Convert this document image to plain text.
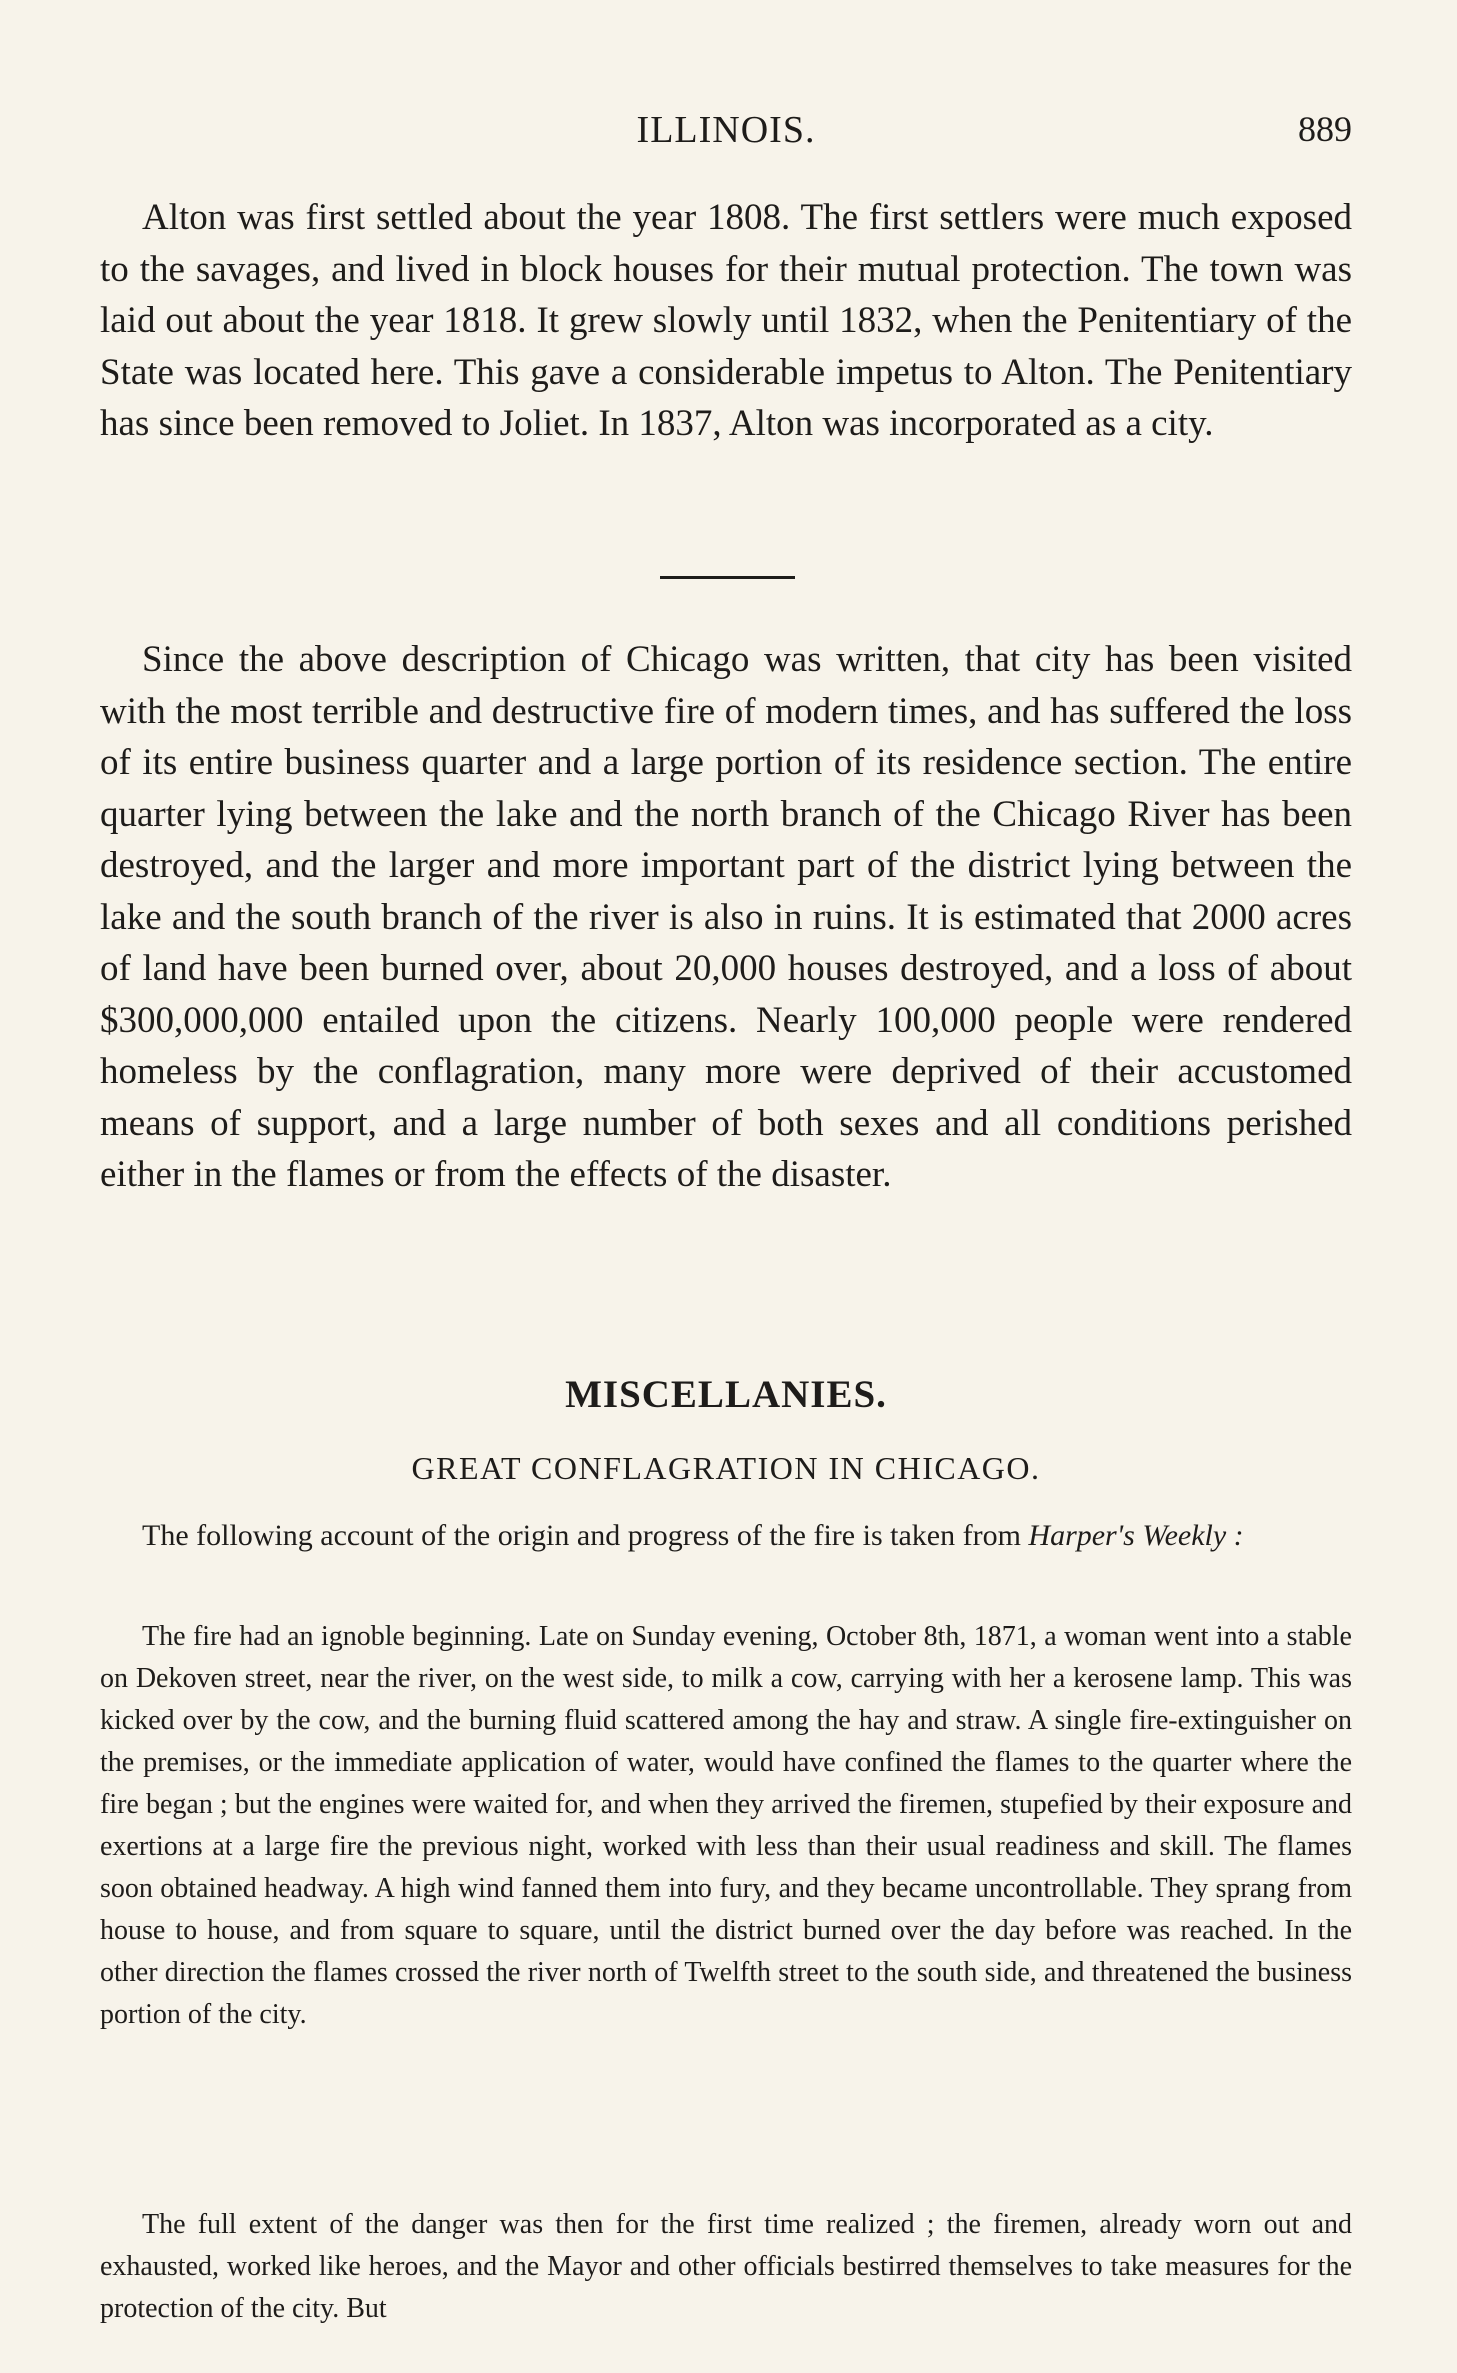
ILLINOIS.	889

Alton was first settled about the year 1808. The first settlers were much exposed to the savages, and lived in block houses for their mutual protection. The town was laid out about the year 1818. It grew slowly until 1832, when the Penitentiary of the State was located here. This gave a considerable impetus to Alton. The Penitentiary has since been removed to Joliet. In 1837, Alton was incorporated as a city.

Since the above description of Chicago was written, that city has been visited with the most terrible and destructive fire of modern times, and has suffered the loss of its entire business quarter and a large portion of its residence section. The entire quarter lying between the lake and the north branch of the Chicago River has been destroyed, and the larger and more important part of the district lying between the lake and the south branch of the river is also in ruins. It is estimated that 2000 acres of land have been burned over, about 20,000 houses destroyed, and a loss of about $300,000,000 entailed upon the citizens. Nearly 100,000 people were rendered homeless by the conflagration, many more were deprived of their accustomed means of support, and a large number of both sexes and all conditions perished either in the flames or from the effects of the disaster.

MISCELLANIES.
GREAT CONFLAGRATION IN CHICAGO.

The following account of the origin and progress of the fire is taken from Harper's Weekly :

The fire had an ignoble beginning. Late on Sunday evening, October 8th, 1871, a woman went into a stable on Dekoven street, near the river, on the west side, to milk a cow, carrying with her a kerosene lamp. This was kicked over by the cow, and the burning fluid scattered among the hay and straw. A single fire-extinguisher on the premises, or the immediate application of water, would have confined the flames to the quarter where the fire began ; but the engines were waited for, and when they arrived the firemen, stupefied by their exposure and exertions at a large fire the previous night, worked with less than their usual readiness and skill. The flames soon obtained headway. A high wind fanned them into fury, and they became uncontrollable. They sprang from house to house, and from square to square, until the district burned over the day before was reached. In the other direction the flames crossed the river north of Twelfth street to the south side, and threatened the business portion of the city.

The full extent of the danger was then for the first time realized ; the firemen, already worn out and exhausted, worked like heroes, and the Mayor and other officials bestirred themselves to take measures for the protection of the city. But
